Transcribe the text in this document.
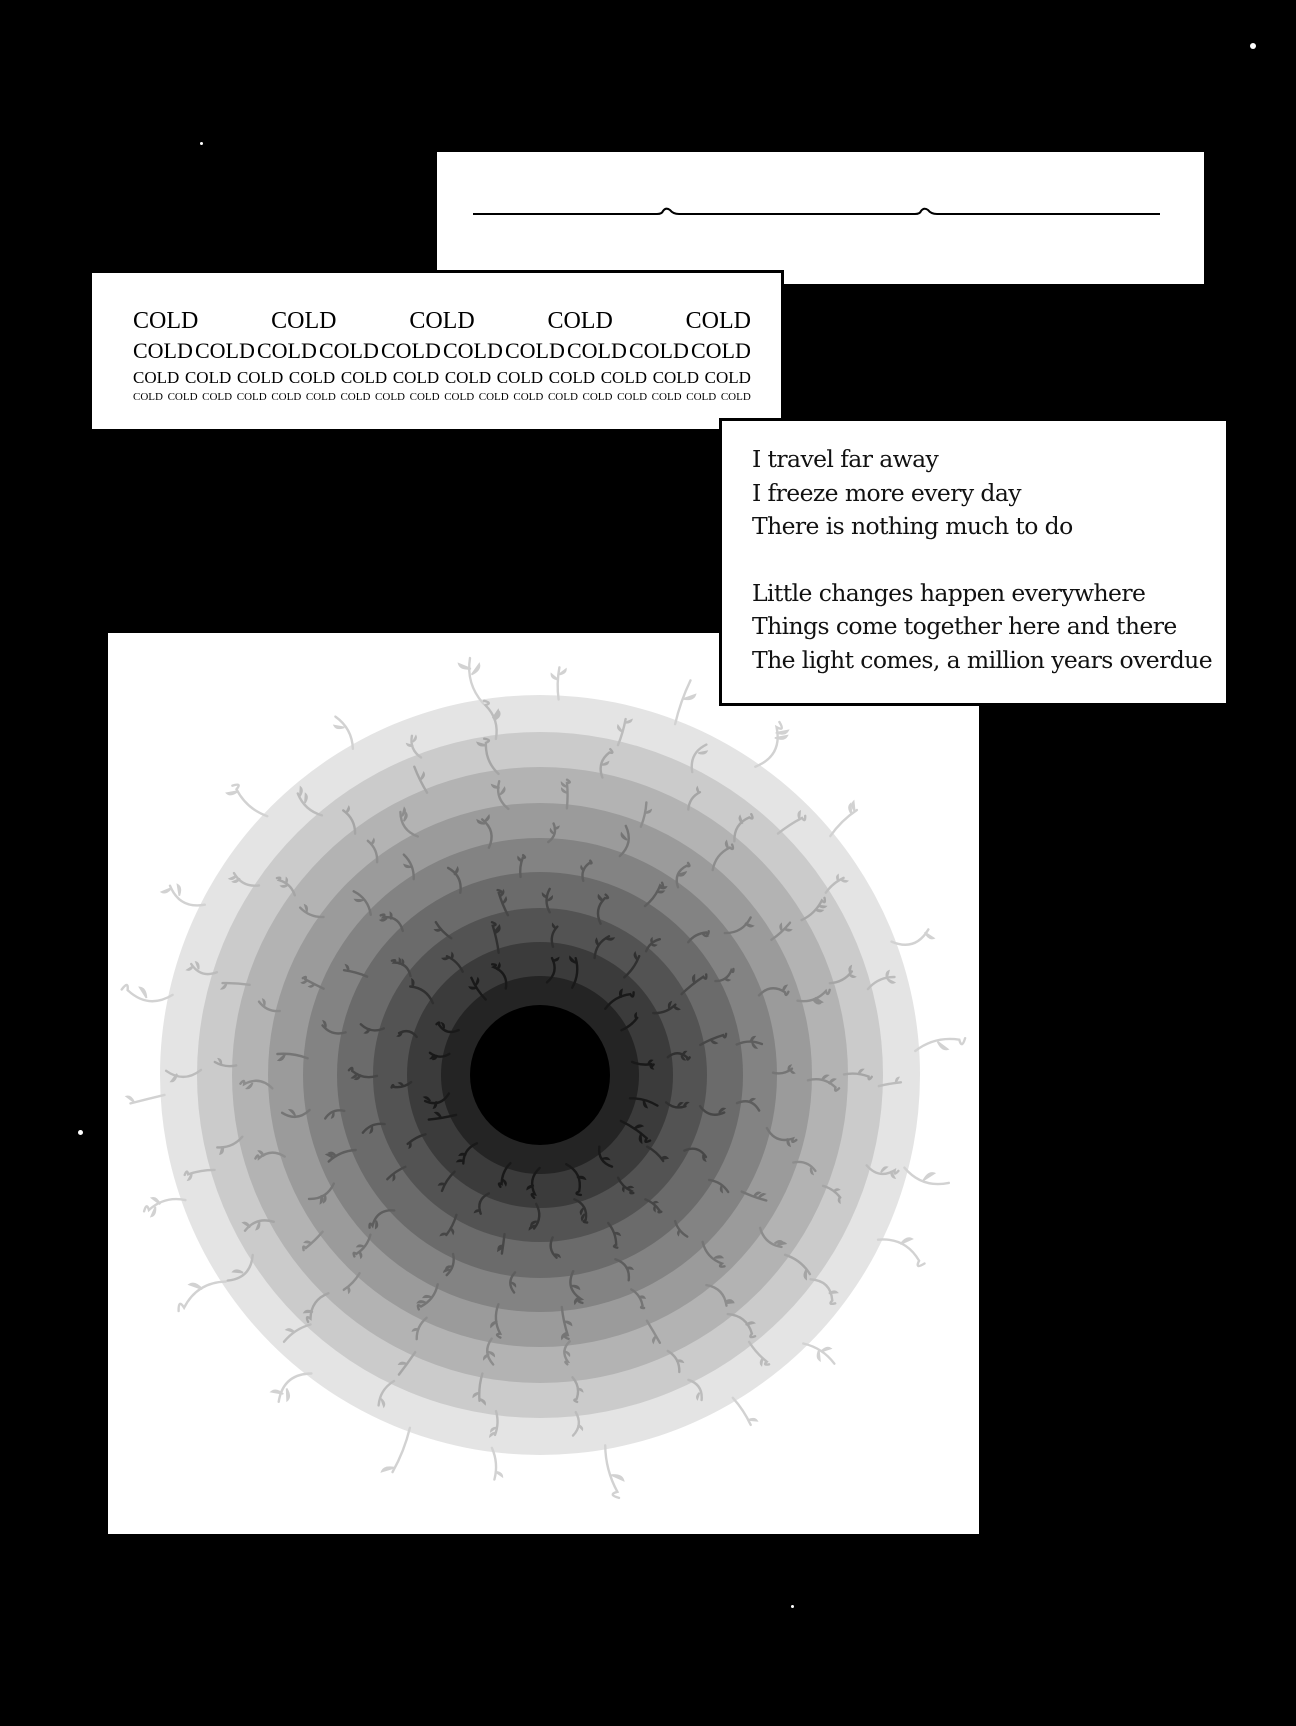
COLD	COLD	COLD	COLD	COLD
COLD COLD COLD COLD COLD COLD COLD COLD COLD COLD
COLD COLD COLD COLD COLD COLD COLD COLD COLD COLD COLD COLD
COLD COLD COLD COLD COLD COLD COLD COLD COLD COLD COLD COLD COLD COLD COLD COLD COLD COLD
I travel far away
I freeze more every day
There is nothing much to do
Little changes happen everywhere
Things come together here and there
The light comes, a million years overdue
